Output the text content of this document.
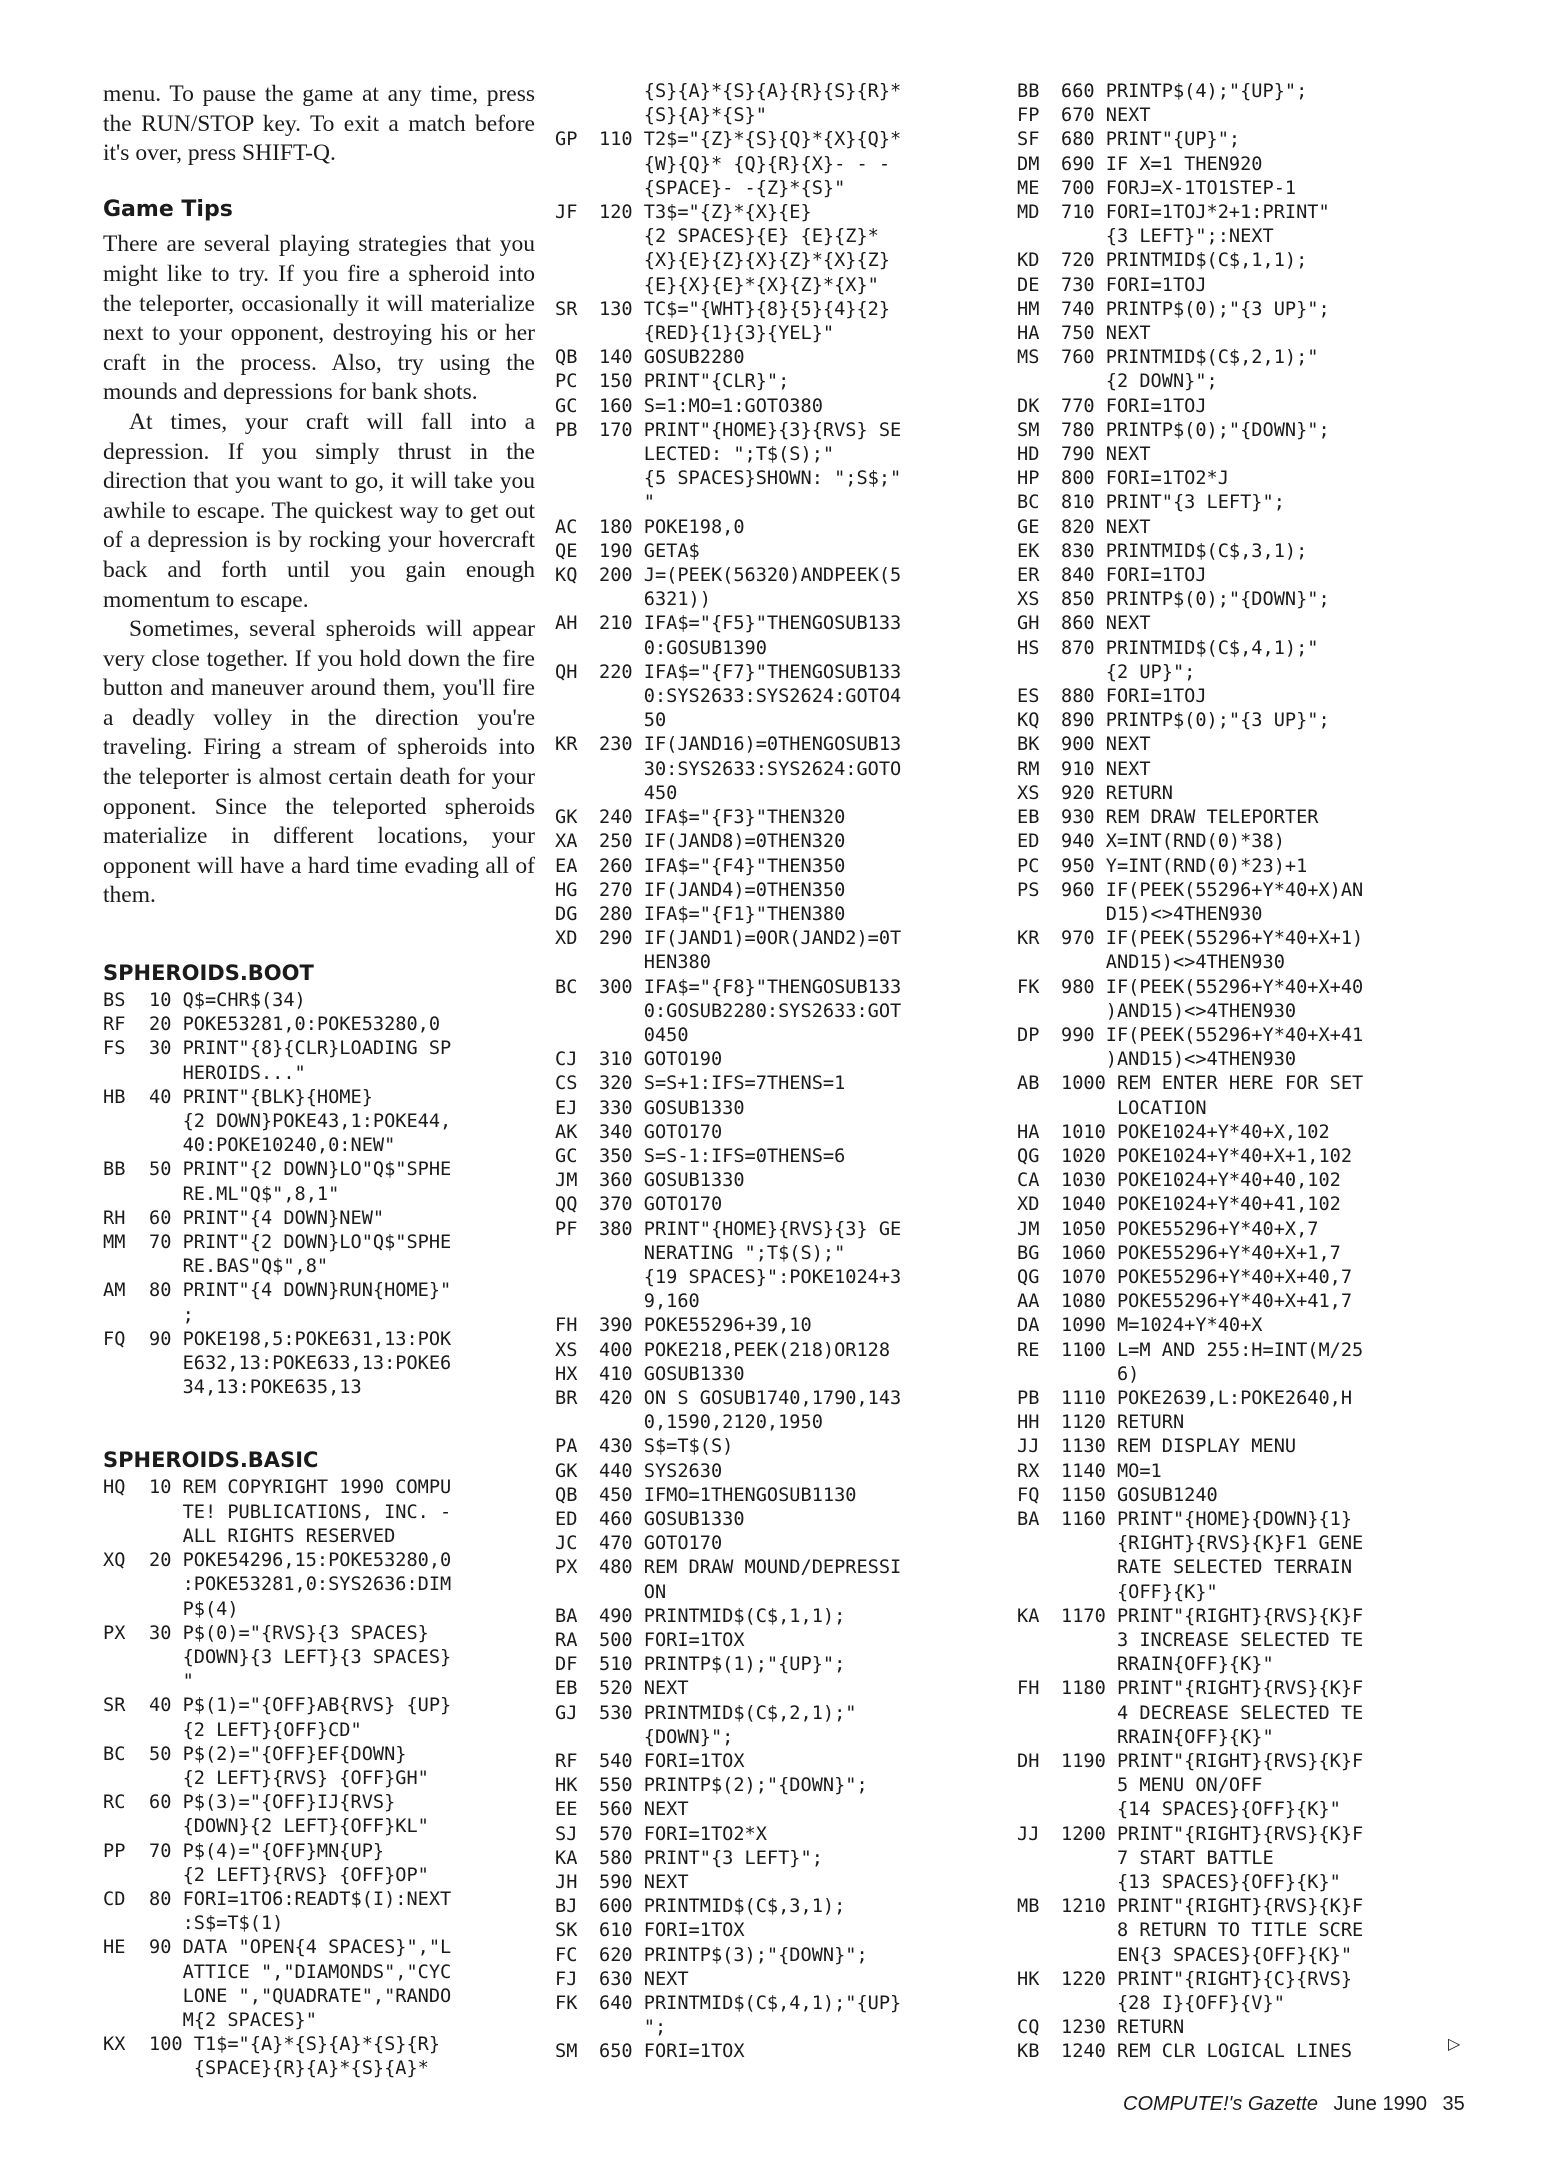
menu. To pause the game at any time, press the RUN/STOP key. To exit a match before it's over, press SHIFT-Q.

Game Tips

There are several playing strategies that you might like to try. If you fire a spheroid into the teleporter, occasionally it will materialize next to your opponent, destroying his or her craft in the process. Also, try using the mounds and depressions for bank shots.

At times, your craft will fall into a depression. If you simply thrust in the direction that you want to go, it will take you awhile to escape. The quickest way to get out of a depression is by rocking your hovercraft back and forth until you gain enough momentum to escape.

Sometimes, several spheroids will appear very close together. If you hold down the fire button and maneuver around them, you'll fire a deadly volley in the direction you're traveling. Firing a stream of spheroids into the teleporter is almost certain death for your opponent. Since the teleported spheroids materialize in different locations, your opponent will have a hard time evading all of them.

SPHEROIDS.BOOT
BS	10 Q$=CHR$(34)
RF	20 POKE53281,0:POKE53280,0
FS	30 PRINT"{8}{CLR}LOADING SP
HEROIDS..."
HB	40 PRINT"{BLK}{HOME}
{2 DOWN}POKE43,1:POKE44,
40:POKE10240,0:NEW"
BB	50 PRINT"{2 DOWN}LO"Q$"SPHE
RE.ML"Q$",8,1"
RH	60 PRINT"{4 DOWN}NEW"
MM	70 PRINT"{2 DOWN}LO"Q$"SPHE
RE.BAS"Q$",8"
AM	80 PRINT"{4 DOWN}RUN{HOME}"
;
FQ	90 POKE198,5:POKE631,13:POK
E632,13:POKE633,13:POKE6
34,13:POKE635,13
SPHEROIDS.BASIC
HQ	10 REM COPYRIGHT 1990 COMPU
TE! PUBLICATIONS, INC. -
ALL RIGHTS RESERVED
XQ	20 POKE54296,15:POKE53280,0
:POKE53281,0:SYS2636:DIM
P$(4)
PX	30 P$(0)="{RVS}{3 SPACES}
{DOWN}{3 LEFT}{3 SPACES}
"
SR	40 P$(1)="{OFF}AB{RVS} {UP}
{2 LEFT}{OFF}CD"
BC	50 P$(2)="{OFF}EF{DOWN}
{2 LEFT}{RVS} {OFF}GH"
RC	60 P$(3)="{OFF}IJ{RVS}
{DOWN}{2 LEFT}{OFF}KL"
PP	70 P$(4)="{OFF}MN{UP}
{2 LEFT}{RVS} {OFF}OP"
CD	80 FORI=1TO6:READT$(I):NEXT
:S$=T$(1)
HE	90 DATA "OPEN{4 SPACES}","L
ATTICE ","DIAMONDS","CYC
LONE ","QUADRATE","RANDO
M{2 SPACES}"
KX	100 T1$="{A}*{S}{A}*{S}{R}
{SPACE}{R}{A}*{S}{A}*
{S}{A}*{S}{A}{R}{S}{R}*
{S}{A}*{S}"
GP	110 T2$="{Z}*{S}{Q}*{X}{Q}*
{W}{Q}* {Q}{R}{X}- - -
{SPACE}- -{Z}*{S}"
JF	120 T3$="{Z}*{X}{E}
{2 SPACES}{E} {E}{Z}*
{X}{E}{Z}{X}{Z}*{X}{Z}
{E}{X}{E}*{X}{Z}*{X}"
SR	130 TC$="{WHT}{8}{5}{4}{2}
{RED}{1}{3}{YEL}"
QB	140 GOSUB2280
PC	150 PRINT"{CLR}";
GC	160 S=1:MO=1:GOTO380
PB	170 PRINT"{HOME}{3}{RVS} SE
LECTED: ";T$(S);"
{5 SPACES}SHOWN: ";S$;"
"
AC	180 POKE198,0
QE	190 GETA$
KQ	200 J=(PEEK(56320)ANDPEEK(5
6321))
AH	210 IFA$="{F5}"THENGOSUB133
0:GOSUB1390
QH	220 IFA$="{F7}"THENGOSUB133
0:SYS2633:SYS2624:GOTO4
50
KR	230 IF(JAND16)=0THENGOSUB13
30:SYS2633:SYS2624:GOTO
450
GK	240 IFA$="{F3}"THEN320
XA	250 IF(JAND8)=0THEN320
EA	260 IFA$="{F4}"THEN350
HG	270 IF(JAND4)=0THEN350
DG	280 IFA$="{F1}"THEN380
XD	290 IF(JAND1)=0OR(JAND2)=0T
HEN380
BC	300 IFA$="{F8}"THENGOSUB133
0:GOSUB2280:SYS2633:GOT
0450
CJ	310 GOTO190
CS	320 S=S+1:IFS=7THENS=1
EJ	330 GOSUB1330
AK	340 GOTO170
GC	350 S=S-1:IFS=0THENS=6
JM	360 GOSUB1330
QQ	370 GOTO170
PF	380 PRINT"{HOME}{RVS}{3} GE
NERATING ";T$(S);"
{19 SPACES}":POKE1024+3
9,160
FH	390 POKE55296+39,10
XS	400 POKE218,PEEK(218)OR128
HX	410 GOSUB1330
BR	420 ON S GOSUB1740,1790,143
0,1590,2120,1950
PA	430 S$=T$(S)
GK	440 SYS2630
QB	450 IFMO=1THENGOSUB1130
ED	460 GOSUB1330
JC	470 GOTO170
PX	480 REM DRAW MOUND/DEPRESSI
ON
BA	490 PRINTMID$(C$,1,1);
RA	500 FORI=1TOX
DF	510 PRINTP$(1);"{UP}";
EB	520 NEXT
GJ	530 PRINTMID$(C$,2,1);"
{DOWN}";
RF	540 FORI=1TOX
HK	550 PRINTP$(2);"{DOWN}";
EE	560 NEXT
SJ	570 FORI=1TO2*X
KA	580 PRINT"{3 LEFT}";
JH	590 NEXT
BJ	600 PRINTMID$(C$,3,1);
SK	610 FORI=1TOX
FC	620 PRINTP$(3);"{DOWN}";
FJ	630 NEXT
FK	640 PRINTMID$(C$,4,1);"{UP}
";
SM	650 FORI=1TOX
BB	660 PRINTP$(4);"{UP}";
FP	670 NEXT
SF	680 PRINT"{UP}";
DM	690 IF X=1 THEN920
ME	700 FORJ=X-1TO1STEP-1
MD	710 FORI=1TOJ*2+1:PRINT"
{3 LEFT}";:NEXT
KD	720 PRINTMID$(C$,1,1);
DE	730 FORI=1TOJ
HM	740 PRINTP$(0);"{3 UP}";
HA	750 NEXT
MS	760 PRINTMID$(C$,2,1);"
{2 DOWN}";
DK	770 FORI=1TOJ
SM	780 PRINTP$(0);"{DOWN}";
HD	790 NEXT
HP	800 FORI=1TO2*J
BC	810 PRINT"{3 LEFT}";
GE	820 NEXT
EK	830 PRINTMID$(C$,3,1);
ER	840 FORI=1TOJ
XS	850 PRINTP$(0);"{DOWN}";
GH	860 NEXT
HS	870 PRINTMID$(C$,4,1);"
{2 UP}";
ES	880 FORI=1TOJ
KQ	890 PRINTP$(0);"{3 UP}";
BK	900 NEXT
RM	910 NEXT
XS	920 RETURN
EB	930 REM DRAW TELEPORTER
ED	940 X=INT(RND(0)*38)
PC	950 Y=INT(RND(0)*23)+1
PS	960 IF(PEEK(55296+Y*40+X)AN
D15)<>4THEN930
KR	970 IF(PEEK(55296+Y*40+X+1)
AND15)<>4THEN930
FK	980 IF(PEEK(55296+Y*40+X+40
)AND15)<>4THEN930
DP	990 IF(PEEK(55296+Y*40+X+41
)AND15)<>4THEN930
AB	1000 REM ENTER HERE FOR SET
LOCATION
HA	1010 POKE1024+Y*40+X,102
QG	1020 POKE1024+Y*40+X+1,102
CA	1030 POKE1024+Y*40+40,102
XD	1040 POKE1024+Y*40+41,102
JM	1050 POKE55296+Y*40+X,7
BG	1060 POKE55296+Y*40+X+1,7
QG	1070 POKE55296+Y*40+X+40,7
AA	1080 POKE55296+Y*40+X+41,7
DA	1090 M=1024+Y*40+X
RE	1100 L=M AND 255:H=INT(M/25
6)
PB	1110 POKE2639,L:POKE2640,H
HH	1120 RETURN
JJ	1130 REM DISPLAY MENU
RX	1140 MO=1
FQ	1150 GOSUB1240
BA	1160 PRINT"{HOME}{DOWN}{1}
{RIGHT}{RVS}{K}F1 GENE
RATE SELECTED TERRAIN
{OFF}{K}"
KA	1170 PRINT"{RIGHT}{RVS}{K}F
3 INCREASE SELECTED TE
RRAIN{OFF}{K}"
FH	1180 PRINT"{RIGHT}{RVS}{K}F
4 DECREASE SELECTED TE
RRAIN{OFF}{K}"
DH	1190 PRINT"{RIGHT}{RVS}{K}F
5 MENU ON/OFF
{14 SPACES}{OFF}{K}"
JJ	1200 PRINT"{RIGHT}{RVS}{K}F
7 START BATTLE
{13 SPACES}{OFF}{K}"
MB	1210 PRINT"{RIGHT}{RVS}{K}F
8 RETURN TO TITLE SCRE
EN{3 SPACES}{OFF}{K}"
HK	1220 PRINT"{RIGHT}{C}{RVS}
{28 I}{OFF}{V}"
CQ	1230 RETURN
KB	1240 REM CLR LOGICAL LINES	▷
COMPUTE!'s Gazette June 1990 35
